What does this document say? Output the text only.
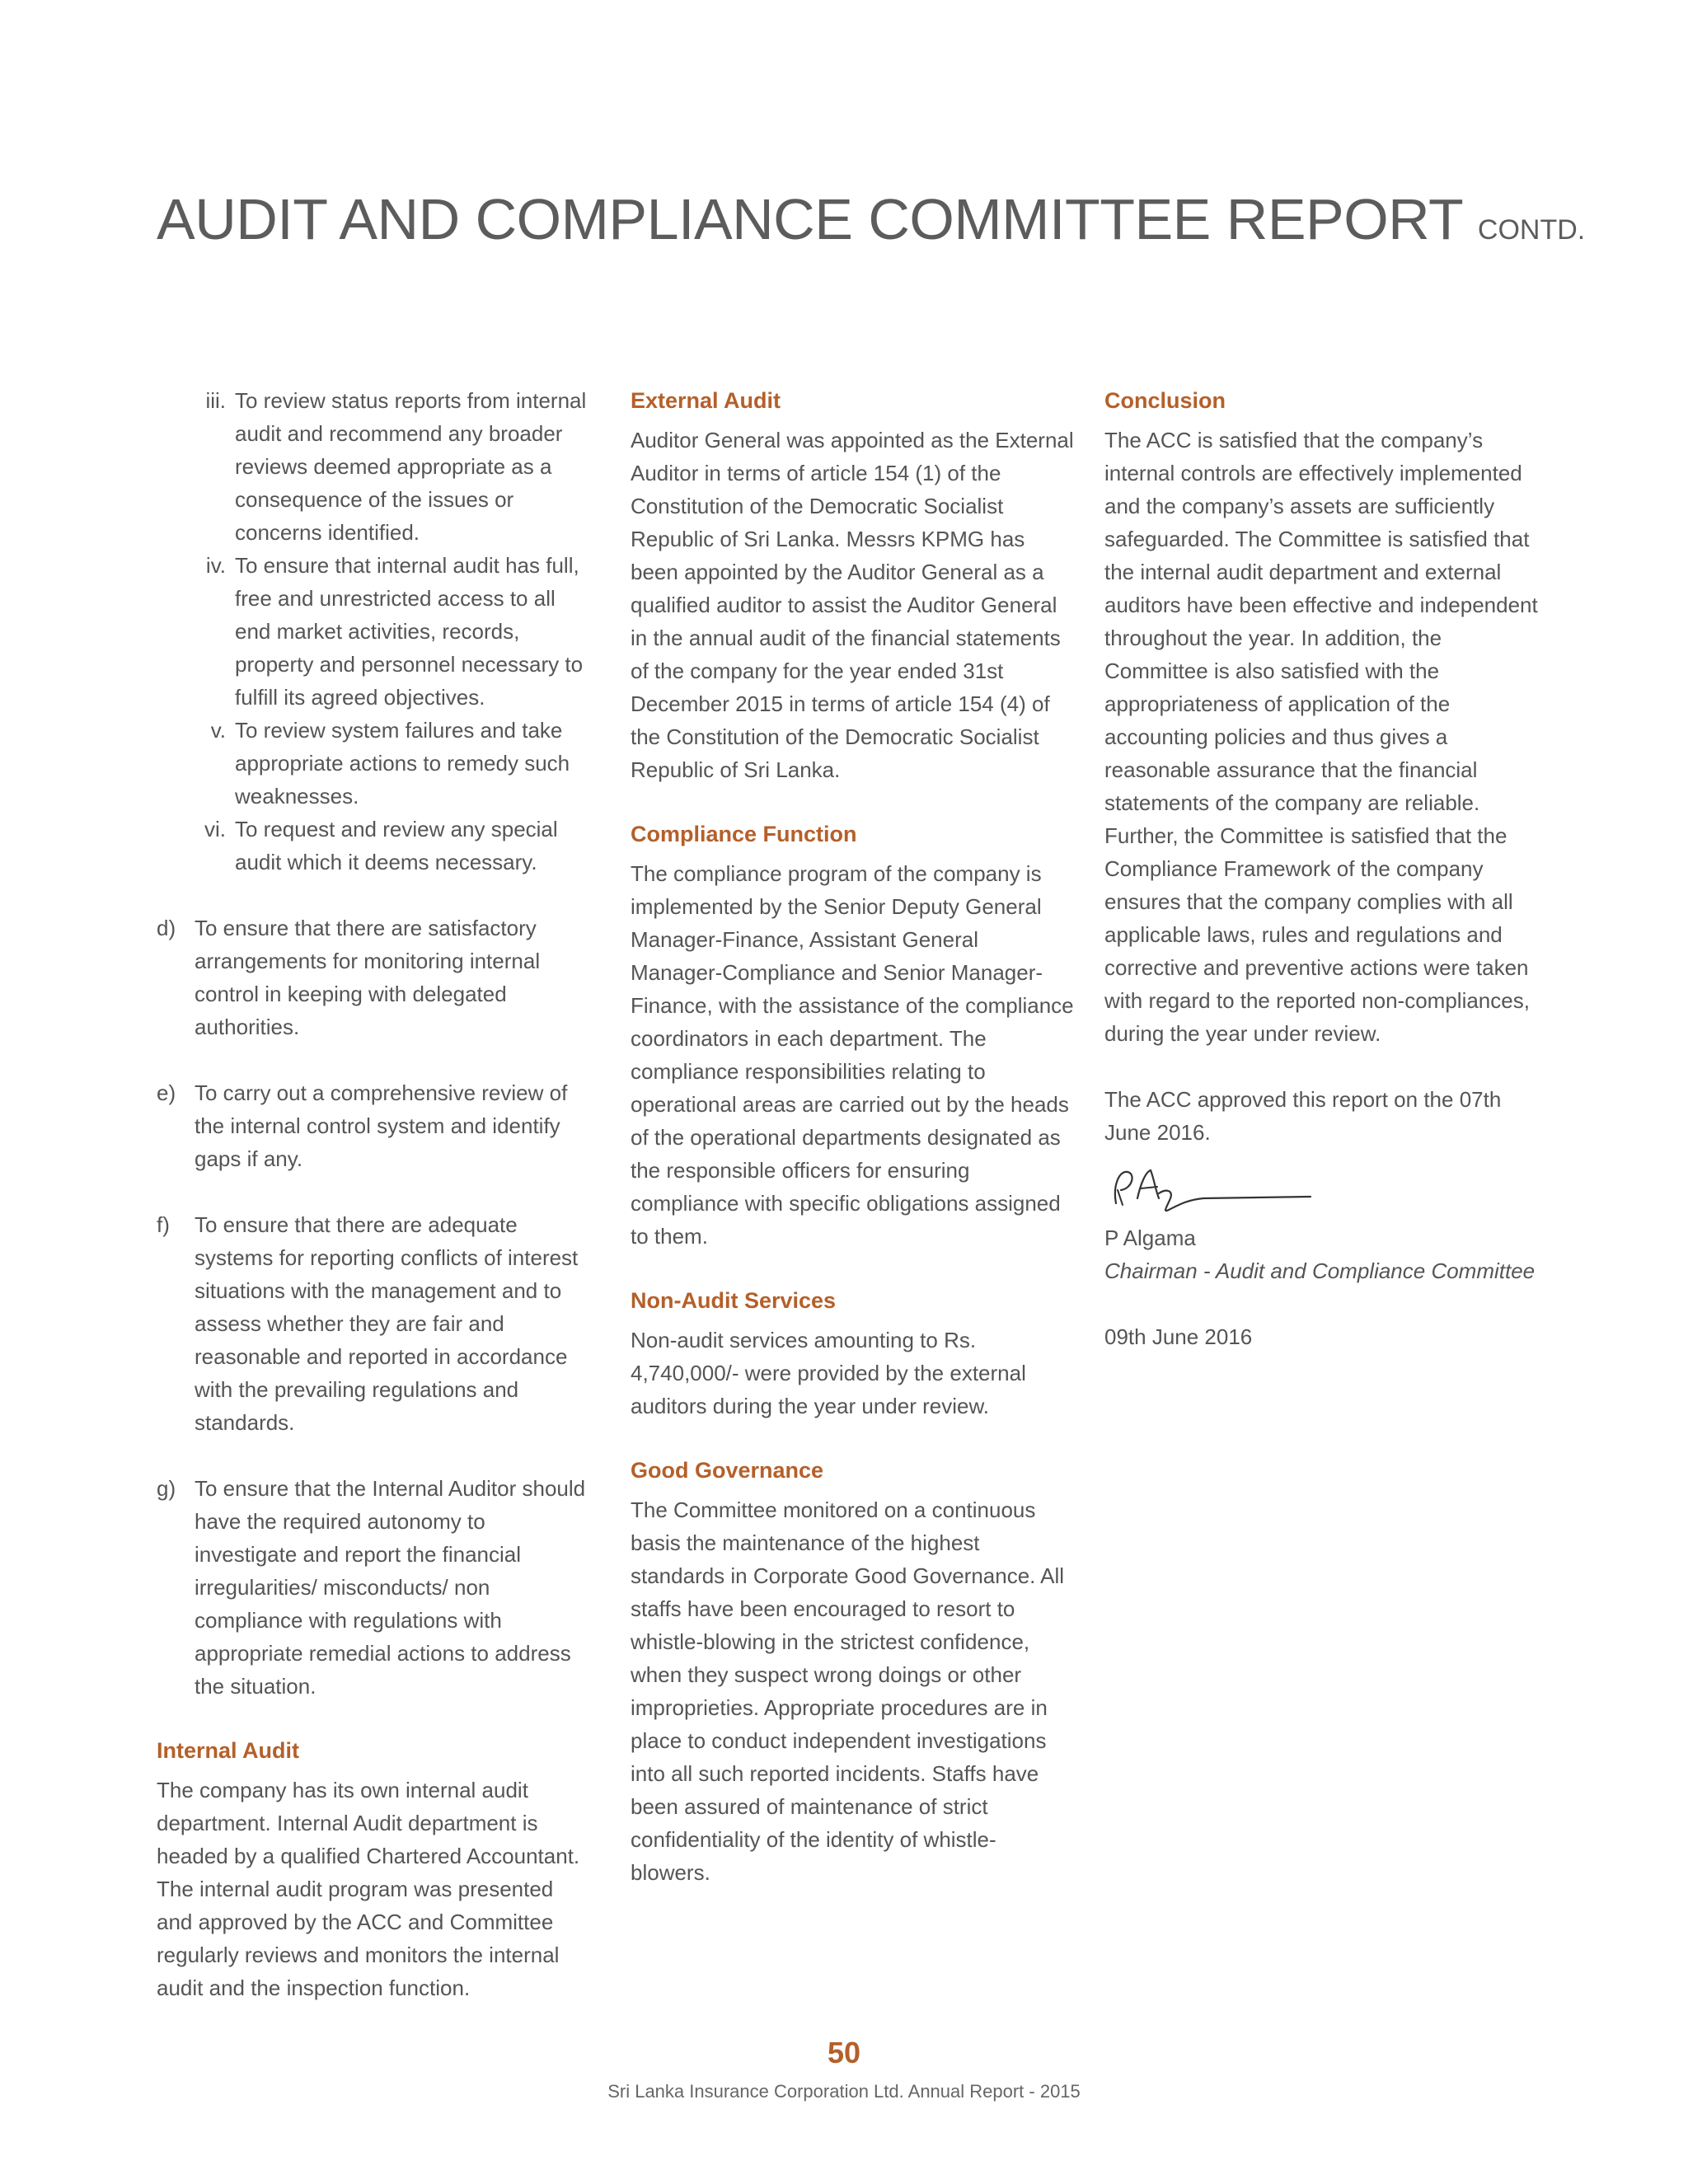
AUDIT AND COMPLIANCE COMMITTEE REPORT CONTD.
iii. To review status reports from internal audit and recommend any broader reviews deemed appropriate as a consequence of the issues or concerns identified.
iv. To ensure that internal audit has full, free and unrestricted access to all end market activities, records, property and personnel necessary to fulfill its agreed objectives.
v. To review system failures and take appropriate actions to remedy such weaknesses.
vi. To request and review any special audit which it deems necessary.
d) To ensure that there are satisfactory arrangements for monitoring internal control in keeping with delegated authorities.
e) To carry out a comprehensive review of the internal control system and identify gaps if any.
f)	To ensure that there are adequate systems for reporting conflicts of interest situations with the management and to assess whether they are fair and reasonable and reported in accordance with the prevailing regulations and standards.
g) To ensure that the Internal Auditor should have the required autonomy to investigate and report the financial irregularities/ misconducts/ non compliance with regulations with appropriate remedial actions to address the situation.
Internal Audit

The company has its own internal audit department. Internal Audit department is headed by a qualified Chartered Accountant. The internal audit program was presented and approved by the ACC and Committee regularly reviews and monitors the internal audit and the inspection function.

External Audit

Auditor General was appointed as the External Auditor in terms of article 154 (1) of the Constitution of the Democratic Socialist Republic of Sri Lanka. Messrs KPMG has been appointed by the Auditor General as a qualified auditor to assist the Auditor General in the annual audit of the financial statements of the company for the year ended 31st December 2015 in terms of article 154 (4) of the Constitution of the Democratic Socialist Republic of Sri Lanka.

Compliance Function

The compliance program of the company is implemented by the Senior Deputy General Manager-Finance, Assistant General Manager-Compliance and Senior Manager-Finance, with the assistance of the compliance coordinators in each department. The compliance responsibilities relating to operational areas are carried out by the heads of the operational departments designated as the responsible officers for ensuring compliance with specific obligations assigned to them.

Non-Audit Services

Non-audit services amounting to Rs. 4,740,000/- were provided by the external auditors during the year under review.

Good Governance

The Committee monitored on a continuous basis the maintenance of the highest standards in Corporate Good Governance. All staffs have been encouraged to resort to whistle-blowing in the strictest confidence, when they suspect wrong doings or other improprieties. Appropriate procedures are in place to conduct independent investigations into all such reported incidents. Staffs have been assured of maintenance of strict confidentiality of the identity of whistle-blowers.

Conclusion

The ACC is satisfied that the company’s internal controls are effectively implemented and the company’s assets are sufficiently safeguarded. The Committee is satisfied that the internal audit department and external auditors have been effective and independent throughout the year. In addition, the Committee is also satisfied with the appropriateness of application of the accounting policies and thus gives a reasonable assurance that the financial statements of the company are reliable. Further, the Committee is satisfied that the Compliance Framework of the company ensures that the company complies with all applicable laws, rules and regulations and corrective and preventive actions were taken with regard to the reported non-compliances, during the year under review.

The ACC approved this report on the 07th June 2016.

P Algama

Chairman - Audit and Compliance Committee

09th June 2016

50
Sri Lanka Insurance Corporation Ltd. Annual Report - 2015
